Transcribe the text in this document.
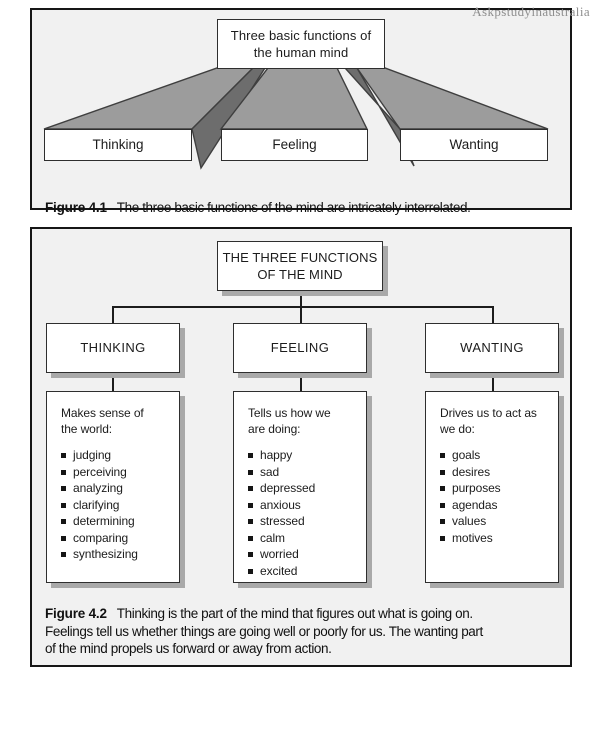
Askpstudyinaustralia
Three basic functions of
the human mind
Thinking	Feeling	Wanting

Figure 4.1 The three basic functions of the mind are intricately interrelated.

THE THREE FUNCTIONS
OF THE MIND
THINKING	FEELING	WANTING
Makes sense of
the world:
judging
perceiving
analyzing
clarifying
determining
comparing
synthesizing
Tells us how we
are doing:
happy
sad
depressed
anxious
stressed
calm
worried
excited
Drives us to act as
we do:
goals
desires
purposes
agendas
values
motives
Figure 4.2 Thinking is the part of the mind that figures out what is going on.
Feelings tell us whether things are going well or poorly for us. The wanting part
of the mind propels us forward or away from action.
